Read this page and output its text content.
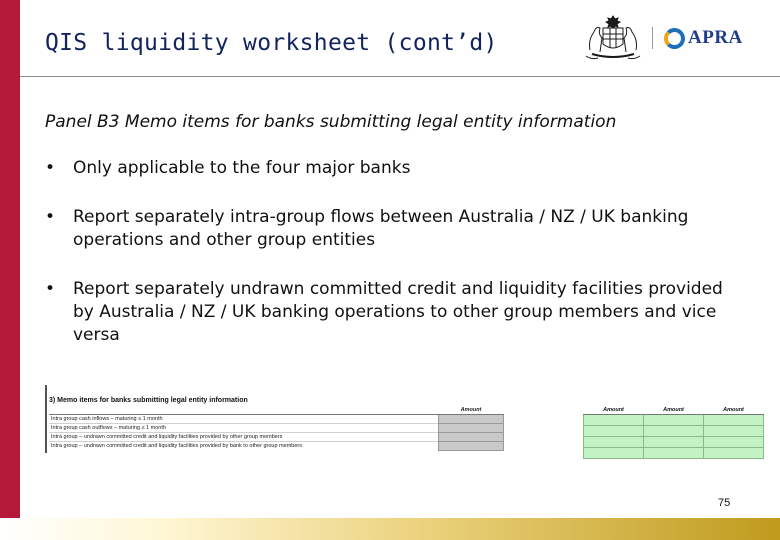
QIS liquidity worksheet (cont’d)	APRA
Panel B3 Memo items for banks submitting legal entity information
• Only applicable to the four major banks
• Report separately intra-group flows between Australia / NZ / UK banking operations and other group entities
• Report separately undrawn committed credit and liquidity facilities provided by Australia / NZ / UK banking operations to other group members and vice versa
3) Memo items for banks submitting legal entity information
	Amount
Intra group cash inflows – maturing ≤ 1 month	
Intra group cash outflows – maturing ≤ 1 month	
Intra group – undrawn committed credit and liquidity facilities provided by other group members	
Intra group – undrawn committed credit and liquidity facilities provided by bank to other group members	
Amount	Amount	Amount

75
